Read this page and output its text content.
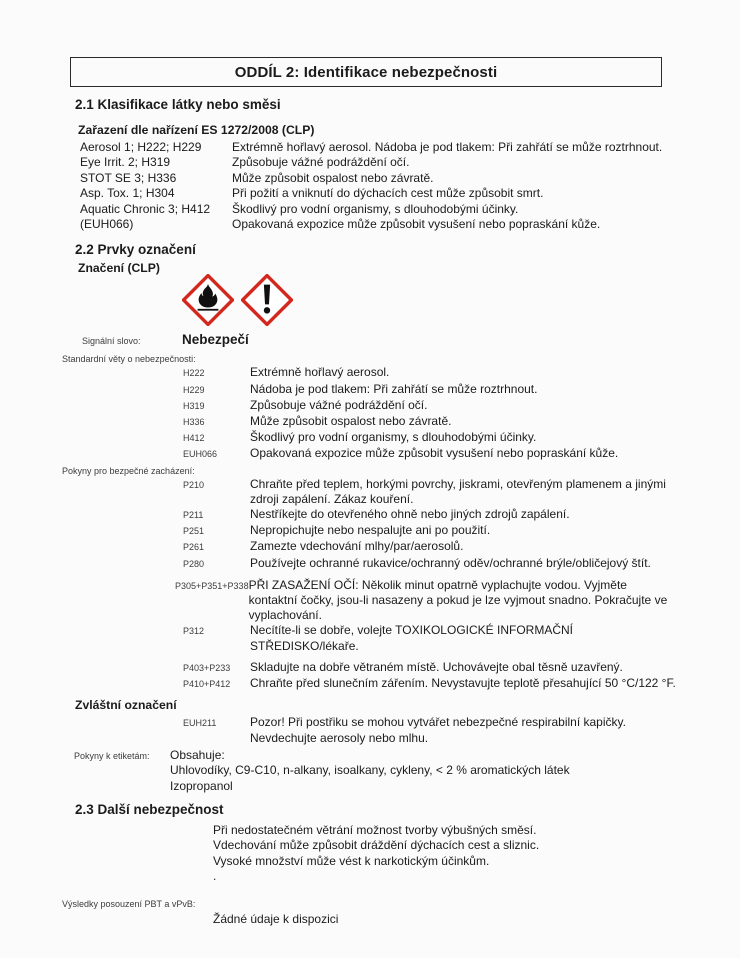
ODDÍL 2: Identifikace nebezpečnosti
2.1 Klasifikace látky nebo směsi
Zařazení dle nařízení ES 1272/2008 (CLP)
Aerosol 1; H222; H229	Extrémně hořlavý aerosol. Nádoba je pod tlakem: Při zahřátí se může roztrhnout.
Eye Irrit. 2; H319	Způsobuje vážné podráždění očí.
STOT SE 3; H336	Může způsobit ospalost nebo závratě.
Asp. Tox. 1; H304	Při požití a vniknutí do dýchacích cest může způsobit smrt.
Aquatic Chronic 3; H412	Škodlivý pro vodní organismy, s dlouhodobými účinky.
(EUH066)	Opakovaná expozice může způsobit vysušení nebo popraskání kůže.
2.2 Prvky označení
Značení (CLP)
Signální slovo:	Nebezpečí
Standardní věty o nebezpečnosti:
H222	Extrémně hořlavý aerosol.
H229	Nádoba je pod tlakem: Při zahřátí se může roztrhnout.
H319	Způsobuje vážné podráždění očí.
H336	Může způsobit ospalost nebo závratě.
H412	Škodlivý pro vodní organismy, s dlouhodobými účinky.
EUH066	Opakovaná expozice může způsobit vysušení nebo popraskání kůže.
Pokyny pro bezpečné zacházení:
P210	Chraňte před teplem, horkými povrchy, jiskrami, otevřeným plamenem a jinými zdroji zapálení. Zákaz kouření.
P211	Nestříkejte do otevřeného ohně nebo jiných zdrojů zapálení.
P251	Nepropichujte nebo nespalujte ani po použití.
P261	Zamezte vdechování mlhy/par/aerosolů.
P280	Používejte ochranné rukavice/ochranný oděv/ochranné brýle/obličejový štít.
P305+P351+P338 PŘI ZASAŽENÍ OČÍ: Několik minut opatrně vyplachujte vodou. Vyjměte kontaktní čočky, jsou-li nasazeny a pokud je lze vyjmout snadno. Pokračujte ve vyplachování.
P312	Necítíte-li se dobře, volejte TOXIKOLOGICKÉ INFORMAČNÍ STŘEDISKO/lékaře.
P403+P233	Skladujte na dobře větraném místě. Uchovávejte obal těsně uzavřený.
P410+P412	Chraňte před slunečním zářením. Nevystavujte teplotě přesahující 50 °C/122 °F.
Zvláštní označení
EUH211	Pozor! Při postřiku se mohou vytvářet nebezpečné respirabilní kapičky. Nevdechujte aerosoly nebo mlhu.
Pokyny k etiketám:	Obsahuje:
Uhlovodíky, C9-C10, n-alkany, isoalkany, cykleny, < 2 % aromatických látek
Izopropanol
2.3 Další nebezpečnost
Při nedostatečném větrání možnost tvorby výbušných směsí.
Vdechování může způsobit dráždění dýchacích cest a sliznic.
Vysoké množství může vést k narkotickým účinkům.
.
Výsledky posouzení PBT a vPvB:
Žádné údaje k dispozici
